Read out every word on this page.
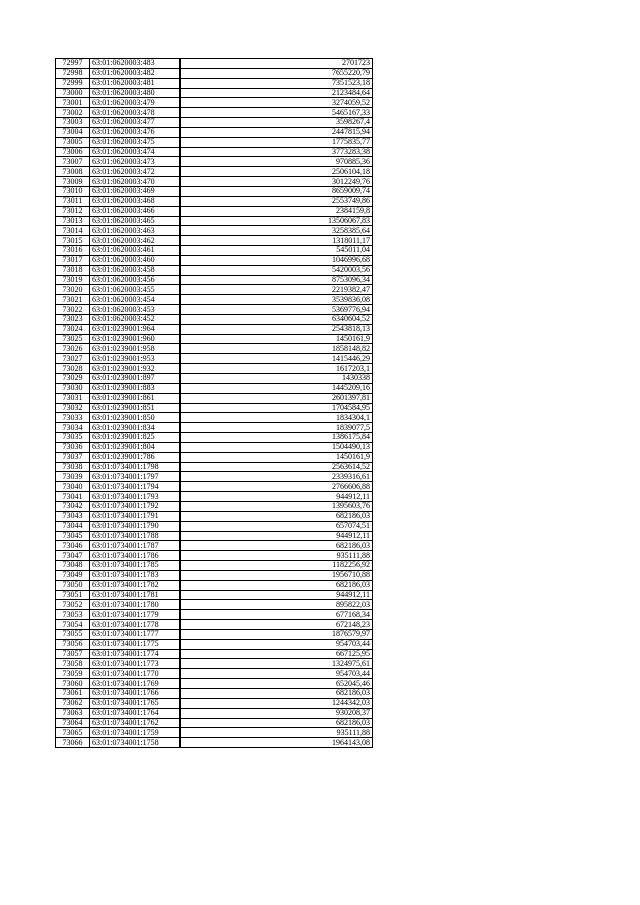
72997	63:01:0620003:483	2701723
72998	63:01:0620003:482	7655220,79
72999	63:01:0620003:481	7351523,18
73000	63:01:0620003:480	2123484,64
73001	63:01:0620003:479	3274059,52
73002	63:01:0620003:478	5465167,33
73003	63:01:0620003:477	3598267,4
73004	63:01:0620003:476	2447815,94
73005	63:01:0620003:475	1775835,77
73006	63:01:0620003:474	3773283,38
73007	63:01:0620003:473	970885,36
73008	63:01:0620003:472	2506104,18
73009	63:01:0620003:470	3012249,76
73010	63:01:0620003:469	8659009,74
73011	63:01:0620003:468	2553749,86
73012	63:01:0620003:466	2384159,8
73013	63:01:0620003:465	13506067,83
73014	63:01:0620003:463	3258385,64
73015	63:01:0620003:462	1318011,17
73016	63:01:0620003:461	545011,04
73017	63:01:0620003:460	1046996,68
73018	63:01:0620003:458	5420003,56
73019	63:01:0620003:456	8753096,34
73020	63:01:0620003:455	2219382,47
73021	63:01:0620003:454	3539836,08
73022	63:01:0620003:453	5369776,94
73023	63:01:0620003:452	6340604,52
73024	63:01:0239001:964	2543818,13
73025	63:01:0239001:960	1450161,9
73026	63:01:0239001:958	1858148,82
73027	63:01:0239001:953	1415446,29
73028	63:01:0239001:932	1617203,1
73029	63:01:0239001:897	1430338
73030	63:01:0239001:883	1445209,16
73031	63:01:0239001:861	2601397,81
73032	63:01:0239001:851	1704584,95
73033	63:01:0239001:850	1834304,1
73034	63:01:0239001:834	1839077,5
73035	63:01:0239001:825	1386175,84
73036	63:01:0239001:804	1504490,13
73037	63:01:0239001:786	1450161,9
73038	63:01:0734001:1798	2563614,52
73039	63:01:0734001:1797	2339316,61
73040	63:01:0734001:1794	2766606,88
73041	63:01:0734001:1793	944912,11
73042	63:01:0734001:1792	1395603,76
73043	63:01:0734001:1791	682186,03
73044	63:01:0734001:1790	657074,51
73045	63:01:0734001:1788	944912,11
73046	63:01:0734001:1787	682186,03
73047	63:01:0734001:1786	935111,88
73048	63:01:0734001:1785	1182256,92
73049	63:01:0734001:1783	1956710,88
73050	63:01:0734001:1782	682186,03
73051	63:01:0734001:1781	944912,11
73052	63:01:0734001:1780	895822,03
73053	63:01:0734001:1779	677168,34
73054	63:01:0734001:1778	672148,23
73055	63:01:0734001:1777	1876579,97
73056	63:01:0734001:1775	954703,44
73057	63:01:0734001:1774	667125,95
73058	63:01:0734001:1773	1324975,61
73059	63:01:0734001:1770	954703,44
73060	63:01:0734001:1769	652045,46
73061	63:01:0734001:1766	682186,03
73062	63:01:0734001:1765	1244342,03
73063	63:01:0734001:1764	930208,37
73064	63:01:0734001:1762	682186,03
73065	63:01:0734001:1759	935111,88
73066	63:01:0734001:1758	1964143,08
